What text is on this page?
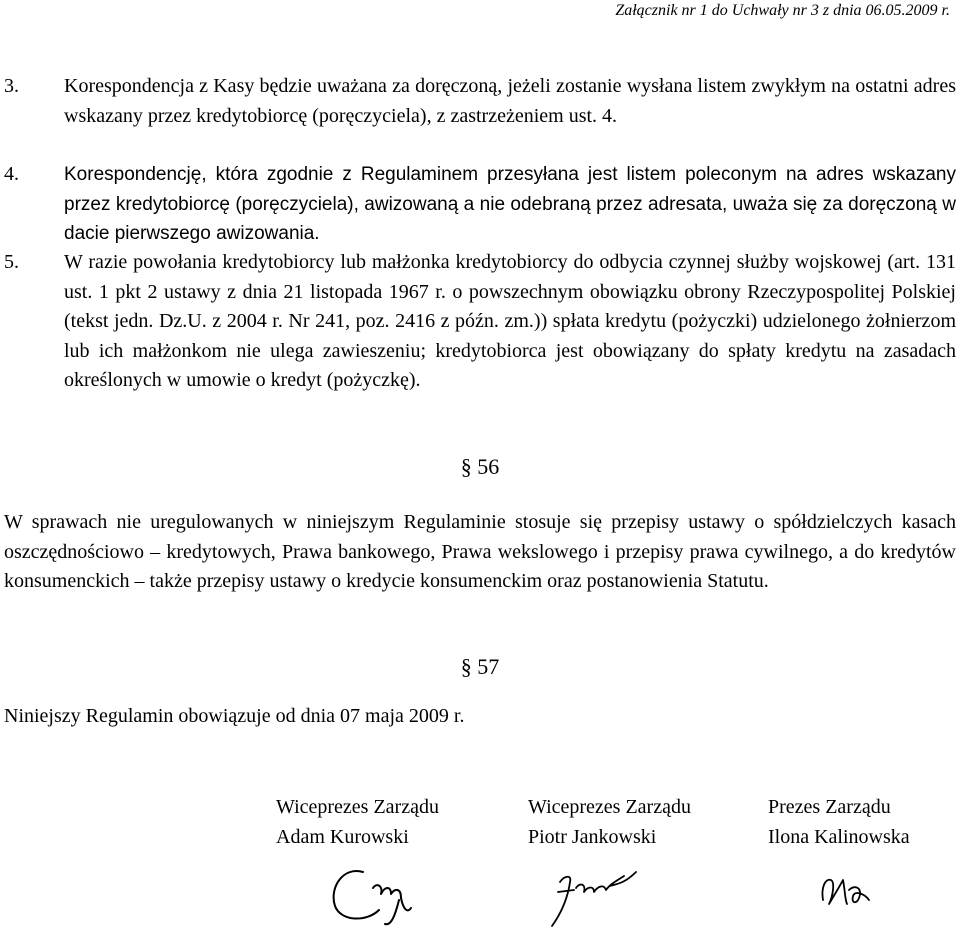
Załącznik nr 1 do Uchwały nr 3 z dnia 06.05.2009 r.
3. Korespondencja z Kasy będzie uważana za doręczoną, jeżeli zostanie wysłana listem zwykłym na ostatni adres wskazany przez kredytobiorcę (poręczyciela), z zastrzeżeniem ust. 4.
4. Korespondencję, która zgodnie z Regulaminem przesyłana jest listem poleconym na adres wskazany przez kredytobiorcę (poręczyciela), awizowaną a nie odebraną przez adresata, uważa się za doręczoną w dacie pierwszego awizowania.
5. W razie powołania kredytobiorcy lub małżonka kredytobiorcy do odbycia czynnej służby wojskowej (art. 131 ust. 1 pkt 2 ustawy z dnia 21 listopada 1967 r. o powszechnym obowiązku obrony Rzeczypospolitej Polskiej (tekst jedn. Dz.U. z 2004 r. Nr 241, poz. 2416 z późn. zm.)) spłata kredytu (pożyczki) udzielonego żołnierzom lub ich małżonkom nie ulega zawieszeniu; kredytobiorca jest obowiązany do spłaty kredytu na zasadach określonych w umowie o kredyt (pożyczkę).
§ 56
W sprawach nie uregulowanych w niniejszym Regulaminie stosuje się przepisy ustawy o spółdzielczych kasach oszczędnościowo – kredytowych, Prawa bankowego, Prawa wekslowego i przepisy prawa cywilnego, a do kredytów konsumenckich – także przepisy ustawy o kredycie konsumenckim oraz postanowienia Statutu.
§ 57
Niniejszy Regulamin obowiązuje od dnia 07 maja 2009 r.
Wiceprezes Zarządu
Adam Kurowski
Wiceprezes Zarządu
Piotr Jankowski
Prezes Zarządu
Ilona Kalinowska
